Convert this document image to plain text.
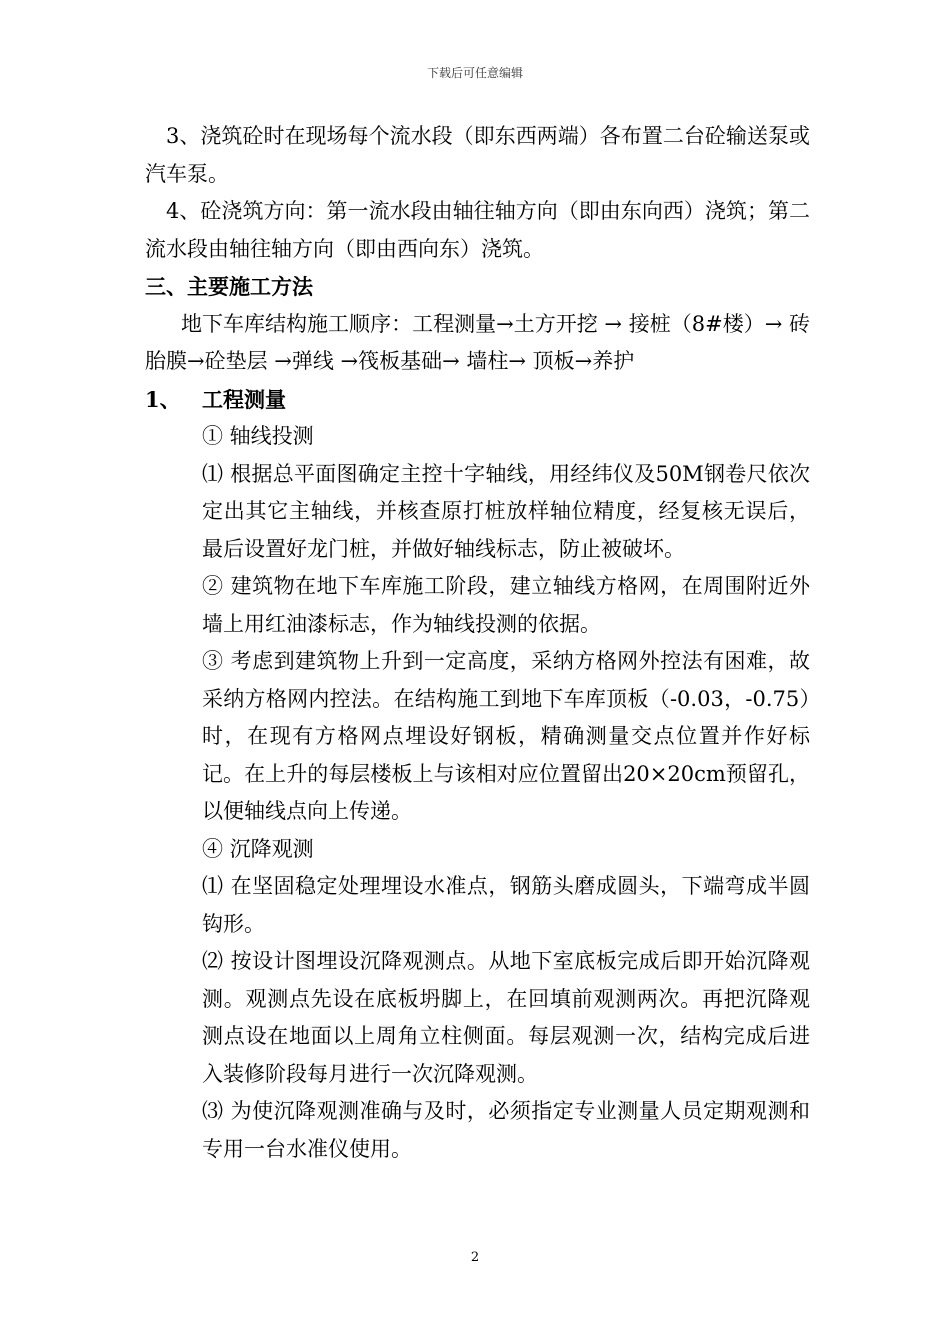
下载后可任意编辑

3、浇筑砼时在现场每个流水段（即东西两端）各布置二台砼输送泵或汽车泵。

4、砼浇筑方向：第一流水段由轴往轴方向（即由东向西）浇筑；第二流水段由轴往轴方向（即由西向东）浇筑。

三、主要施工方法

地下车库结构施工顺序：工程测量→土方开挖 → 接桩（8#楼）→ 砖胎膜→砼垫层 →弹线 →筏板基础→ 墙柱→ 顶板→养护

1、	工程测量

① 轴线投测

⑴ 根据总平面图确定主控十字轴线，用经纬仪及50M钢卷尺依次定出其它主轴线，并核查原打桩放样轴位精度，经复核无误后，最后设置好龙门桩，并做好轴线标志，防止被破坏。

② 建筑物在地下车库施工阶段，建立轴线方格网，在周围附近外墙上用红油漆标志，作为轴线投测的依据。

③ 考虑到建筑物上升到一定高度，采纳方格网外控法有困难，故采纳方格网内控法。在结构施工到地下车库顶板（-0.03，-0.75）时，在现有方格网点埋设好钢板，精确测量交点位置并作好标记。在上升的每层楼板上与该相对应位置留出20×20cm预留孔，以便轴线点向上传递。

④ 沉降观测

⑴ 在坚固稳定处理埋设水准点，钢筋头磨成圆头，下端弯成半圆钩形。

⑵ 按设计图埋设沉降观测点。从地下室底板完成后即开始沉降观测。观测点先设在底板坍脚上，在回填前观测两次。再把沉降观测点设在地面以上周角立柱侧面。每层观测一次，结构完成后进入装修阶段每月进行一次沉降观测。

⑶ 为使沉降观测准确与及时，必须指定专业测量人员定期观测和专用一台水准仪使用。

2
